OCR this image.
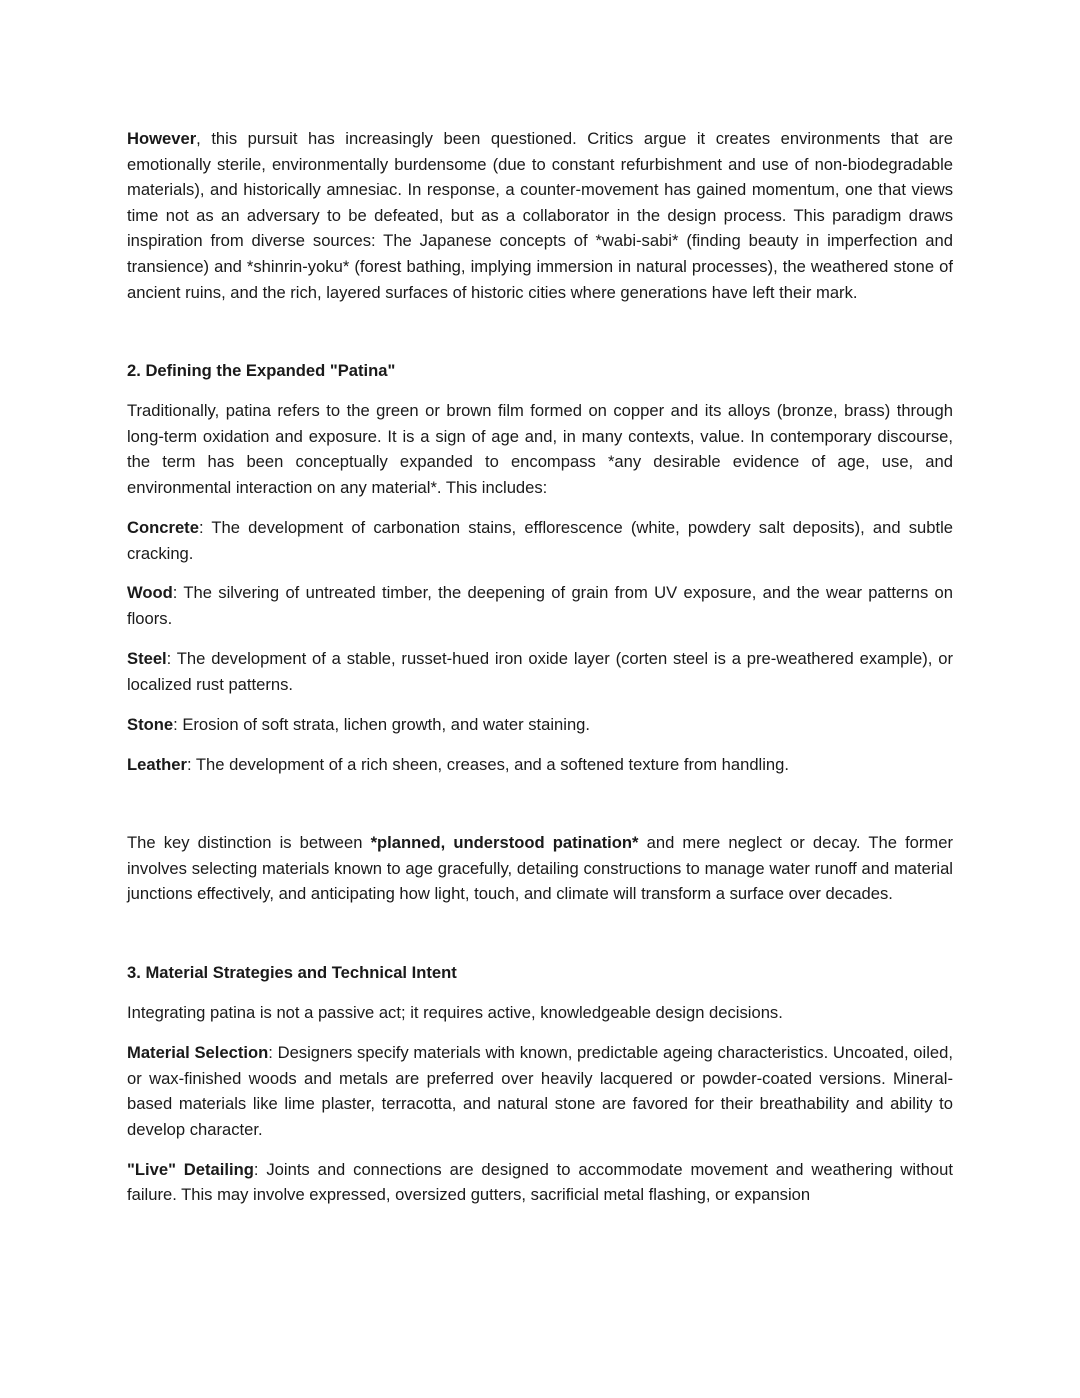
However, this pursuit has increasingly been questioned. Critics argue it creates environments that are emotionally sterile, environmentally burdensome (due to constant refurbishment and use of non-biodegradable materials), and historically amnesiac. In response, a counter-movement has gained momentum, one that views time not as an adversary to be defeated, but as a collaborator in the design process. This paradigm draws inspiration from diverse sources: The Japanese concepts of *wabi-sabi* (finding beauty in imperfection and transience) and *shinrin-yoku* (forest bathing, implying immersion in natural processes), the weathered stone of ancient ruins, and the rich, layered surfaces of historic cities where generations have left their mark.

2. Defining the Expanded "Patina"

Traditionally, patina refers to the green or brown film formed on copper and its alloys (bronze, brass) through long-term oxidation and exposure. It is a sign of age and, in many contexts, value. In contemporary discourse, the term has been conceptually expanded to encompass *any desirable evidence of age, use, and environmental interaction on any material*. This includes:

Concrete: The development of carbonation stains, efflorescence (white, powdery salt deposits), and subtle cracking.

Wood: The silvering of untreated timber, the deepening of grain from UV exposure, and the wear patterns on floors.

Steel: The development of a stable, russet-hued iron oxide layer (corten steel is a pre-weathered example), or localized rust patterns.

Stone: Erosion of soft strata, lichen growth, and water staining.

Leather: The development of a rich sheen, creases, and a softened texture from handling.

The key distinction is between *planned, understood patination* and mere neglect or decay. The former involves selecting materials known to age gracefully, detailing constructions to manage water runoff and material junctions effectively, and anticipating how light, touch, and climate will transform a surface over decades.

3. Material Strategies and Technical Intent

Integrating patina is not a passive act; it requires active, knowledgeable design decisions.

Material Selection: Designers specify materials with known, predictable ageing characteristics. Uncoated, oiled, or wax-finished woods and metals are preferred over heavily lacquered or powder-coated versions. Mineral-based materials like lime plaster, terracotta, and natural stone are favored for their breathability and ability to develop character.

"Live" Detailing: Joints and connections are designed to accommodate movement and weathering without failure. This may involve expressed, oversized gutters, sacrificial metal flashing, or expansion
